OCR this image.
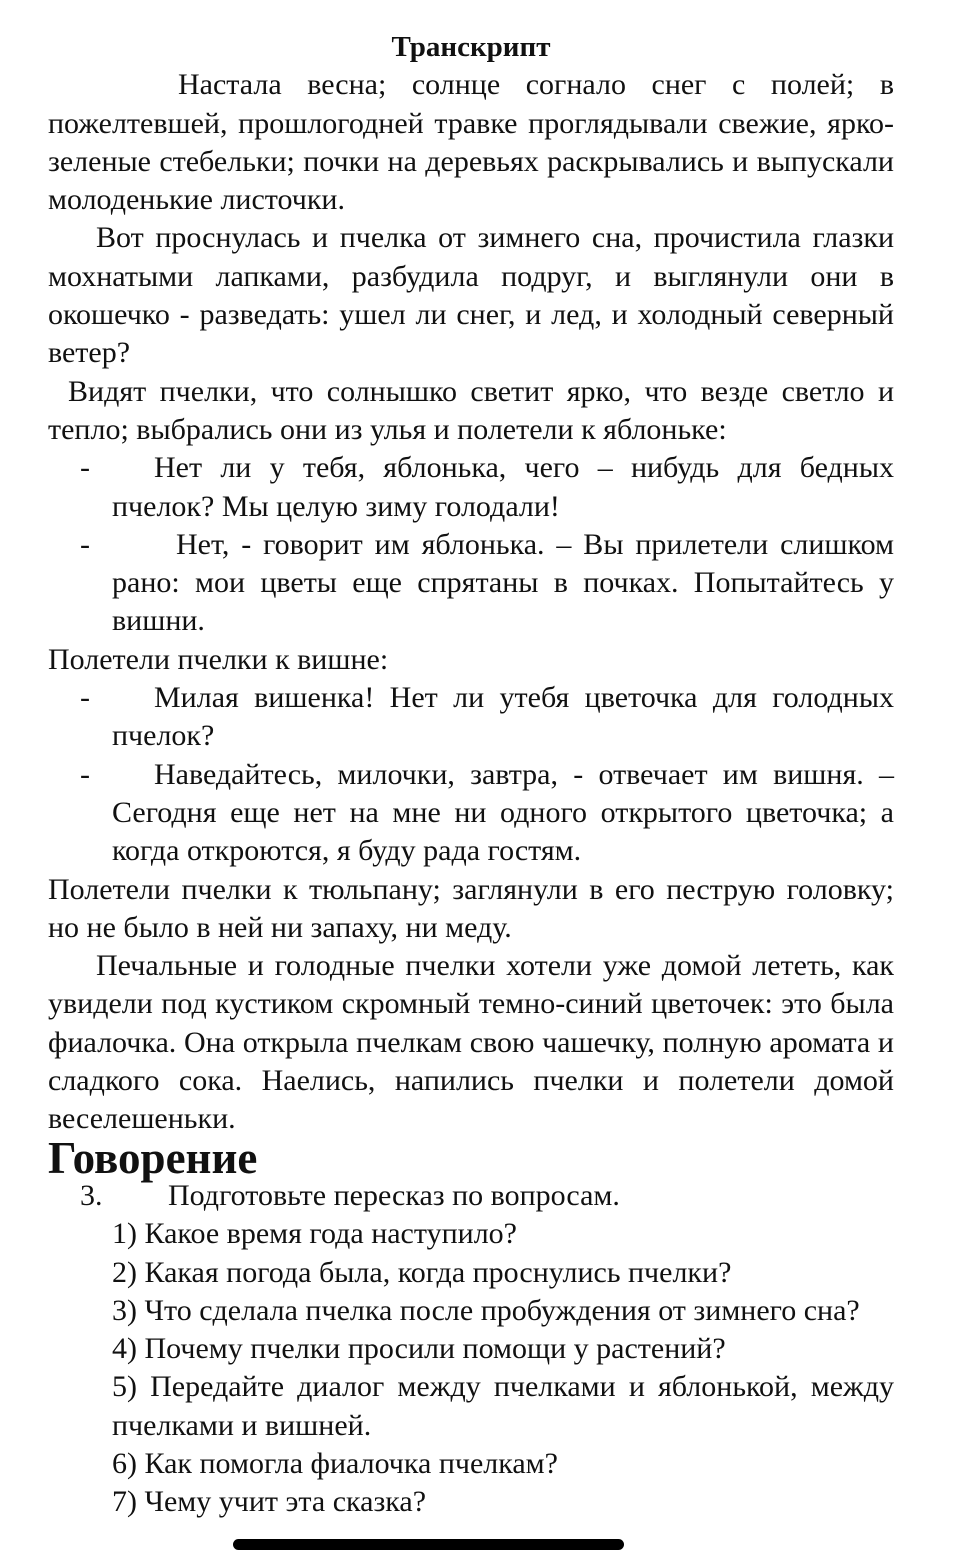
Транскрипт

Настала весна; солнце согнало снег с полей; в пожелтевшей, прошлогодней травке проглядывали свежие, ярко-зеленые стебельки; почки на деревьях раскрывались и выпускали молоденькие листочки.

Вот проснулась и пчелка от зимнего сна, прочистила глазки мохнатыми лапками, разбудила подруг, и выглянули они в окошечко - разведать: ушел ли снег, и лед, и холодный северный ветер?

Видят пчелки, что солнышко светит ярко, что везде светло и тепло; выбрались они из улья и полетели к яблоньке:

-	Нет ли у тебя, яблонька, чего – нибудь для бедных пчелок? Мы целую зиму голодали!
-	Нет, - говорит им яблонька. – Вы прилетели слишком рано: мои цветы еще спрятаны в почках. Попытайтесь у вишни.

Полетели пчелки к вишне:

-	Милая вишенка! Нет ли утебя цветочка для голодных пчелок?
-	Наведайтесь, милочки, завтра, - отвечает им вишня. – Сегодня еще нет на мне ни одного открытого цветочка; а когда откроются, я буду рада гостям.

Полетели пчелки к тюльпану; заглянули в его пеструю головку; но не было в ней ни запаху, ни меду.

Печальные и голодные пчелки хотели уже домой лететь, как увидели под кустиком скромный темно-синий цветочек: это была фиалочка. Она открыла пчелкам свою чашечку, полную аромата и сладкого сока. Наелись, напились пчелки и полетели домой веселешеньки.

Говорение
3. Подготовьте пересказ по вопросам.
1) Какое время года наступило?
2) Какая погода была, когда проснулись пчелки?
3) Что сделала пчелка после пробуждения от зимнего сна?
4) Почему пчелки просили помощи у растений?
5) Передайте диалог между пчелками и яблонькой, между пчелками и вишней.
6) Как помогла фиалочка пчелкам?
7) Чему учит эта сказка?
